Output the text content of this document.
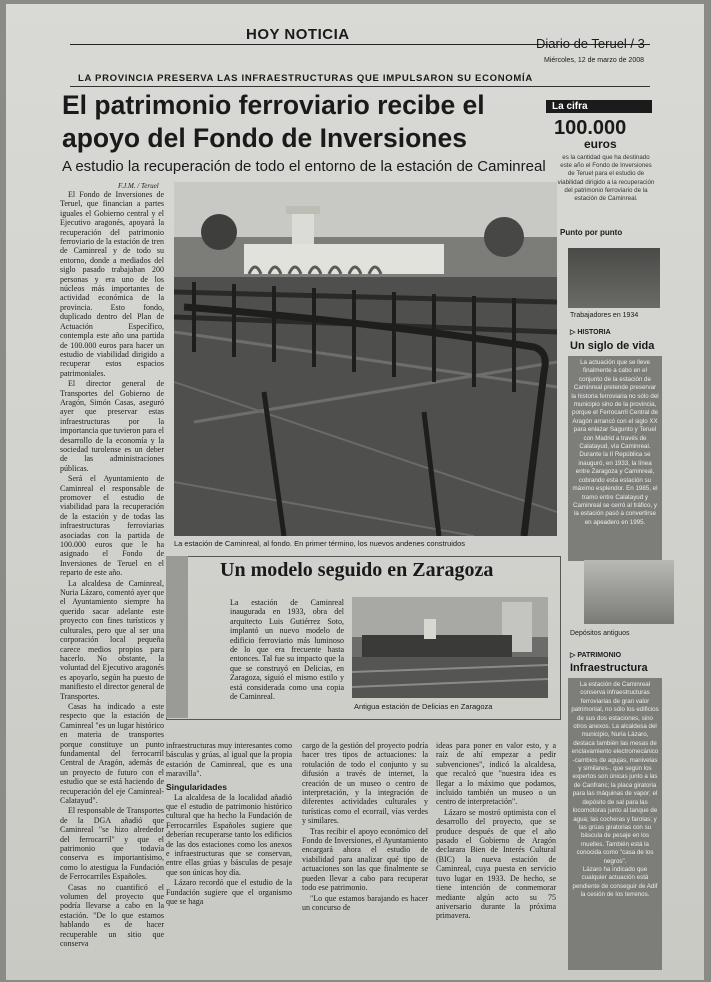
HOY NOTICIA
Diario de Teruel / 3
Miércoles, 12 de marzo de 2008
LA PROVINCIA PRESERVA LAS INFRAESTRUCTURAS QUE IMPULSARON SU ECONOMÍA
El patrimonio ferroviario recibe el apoyo del Fondo de Inversiones
A estudio la recuperación de todo el entorno de la estación de Caminreal
La cifra
100.000
euros
es la cantidad que ha destinado este año el Fondo de Inversiones de Teruel para el estudio de viabilidad dirigido a la recuperación del patrimonio ferroviario de la estación de Caminreal.
F.J.M. / Teruel

El Fondo de Inversiones de Teruel, que financian a partes iguales el Gobierno central y el Ejecutivo aragonés, apoyará la recuperación del patrimonio ferroviario de la estación de tren de Caminreal y de todo su entorno, donde a mediados del siglo pasado trabajaban 200 personas y era uno de los núcleos más importantes de actividad económica de la provincia. Esto fondo, duplicado dentro del Plan de Actuación Específico, contempla este año una partida de 100.000 euros para hacer un estudio de viabilidad dirigido a recuperar estos espacios patrimoniales.

El director general de Transportes del Gobierno de Aragón, Simón Casas, aseguró ayer que preservar estas infraestructuras por la importancia que tuvieron para el desarrollo de la economía y la sociedad turolense es un deber de las administraciones públicas.

Será el Ayuntamiento de Caminreal el responsable de promover el estudio de viabilidad para la recuperación de la estación y de todas las infraestructuras ferroviarias asociadas con la partida de 100.000 euros que le ha asignado el Fondo de Inversiones de Teruel en el reparto de este año.

La alcaldesa de Caminreal, Nuria Lázaro, comentó ayer que el Ayuntamiento siempre ha querido sacar adelante este proyecto con fines turísticos y culturales, pero que al ser una corporación local pequeña carece medios propios para hacerlo. No obstante, la voluntad del Ejecutivo aragonés es apoyarlo, según ha puesto de manifiesto el director general de Transportes.

Casas ha indicado a este respecto que la estación de Caminreal "es un lugar histórico en materia de transportes porque constituye un punto fundamental del ferrocarril Central de Aragón, además de un proyecto de futuro con el estudio que se está haciendo de recuperación del eje Caminreal-Calatayud".

El responsable de Transportes de la DGA añadió que Caminreal "se hizo alrededor del ferrocarril" y que el patrimonio que todavía conserva es importantísimo, como lo atestigua la Fundación de Ferrocarriles Españoles.

Casas no cuantificó el volumen del proyecto que podría llevarse a cabo en la estación. "De lo que estamos hablando es de hacer recuperable un sitio que conserva

La estación de Caminreal, al fondo. En primer término, los nuevos andenes construidos
Un modelo seguido en Zaragoza
La estación de Caminreal inaugurada en 1933, obra del arquitecto Luis Gutiérrez Soto, implantó un nuevo modelo de edificio ferroviario más luminoso de lo que era frecuente hasta entonces. Tal fue su impacto que la que se construyó en Delicias, en Zaragoza, siguió el mismo estilo y está considerada como una copia de Caminreal.
Antigua estación de Delicias en Zaragoza

infraestructuras muy interesantes como básculas y grúas, al igual que la propia estación de Caminreal, que es una maravilla".

Singularidades

La alcaldesa de la localidad añadió que el estudio de patrimonio histórico cultural que ha hecho la Fundación de Ferrocarriles Españoles sugiere que deberían recuperarse tanto los edificios de las dos estaciones como los anexos e infraestructuras que se conservan, entre ellas grúas y básculas de pesaje que son únicas hoy día.

Lázaro recordó que el estudio de la Fundación sugiere que el organismo que se haga

cargo de la gestión del proyecto podría hacer tres tipos de actuaciones: la rotulación de todo el conjunto y su difusión a través de internet, la creación de un museo o centro de interpretación, y la integración de diferentes actividades culturales y turísticas como el ecorrail, vías verdes y similares.

Tras recibir el apoyo económico del Fondo de Inversiones, el Ayuntamiento encargará ahora el estudio de viabilidad para analizar qué tipo de actuaciones son las que finalmente se pueden llevar a cabo para recuperar todo ese patrimonio.

"Lo que estamos barajando es hacer un concurso de

ideas para poner en valor esto, y a raíz de ahí empezar a pedir subvenciones", indicó la alcaldesa, que recalcó que "nuestra idea es llegar a lo máximo que podamos, incluido también un museo o un centro de interpretación".

Lázaro se mostró optimista con el desarrollo del proyecto, que se produce después de que el año pasado el Gobierno de Aragón declarara Bien de Interés Cultural (BIC) la nueva estación de Caminreal, cuya puesta en servicio tuvo lugar en 1933. De hecho, se tiene intención de conmemorar mediante algún acto su 75 aniversario durante la próxima primavera.

Punto por punto
Trabajadores en 1934
▷ HISTORIA
Un siglo de vida
La actuación que se lleve finalmente a cabo en el conjunto de la estación de Caminreal pretende preservar la historia ferroviaria no sólo del municipio sino de la provincia, porque el Ferrocarril Central de Aragón arrancó con el siglo XX para enlazar Sagunto y Teruel con Madrid a través de Calatayud, vía Caminreal. Durante la II República se inauguró, en 1933, la línea entre Zaragoza y Caminreal, cobrando esta estación su máximo esplendor. En 1985, el tramo entre Calatayud y Caminreal se cerró al tráfico, y la estación pasó a convertirse en apeadero en 1995.
Depósitos antiguos
▷ PATRIMONIO
Infraestructura
La estación de Caminreal conserva infraestructuras ferroviarias de gran valor patrimonial, no sólo los edificios de sus dos estaciones, sino otros anexos. La alcaldesa del municipio, Nuria Lázaro, destaca también las mesas de enclavamiento electromecánico -cambios de agujas, manivelas y similares-, que según los expertos son únicas junto a las de Canfranc; la placa giratoria para las máquinas de vapor; el depósito de sal para las locomotoras junto al tanque de agua; las cocheras y farolas; y las grúas giratorias con su báscula de pesaje en los muelles. También está la conocida como "casa de los negros".
Lázaro ha indicado que cualquier actuación está pendiente de conseguir de Adif la cesión de los terrenos.
